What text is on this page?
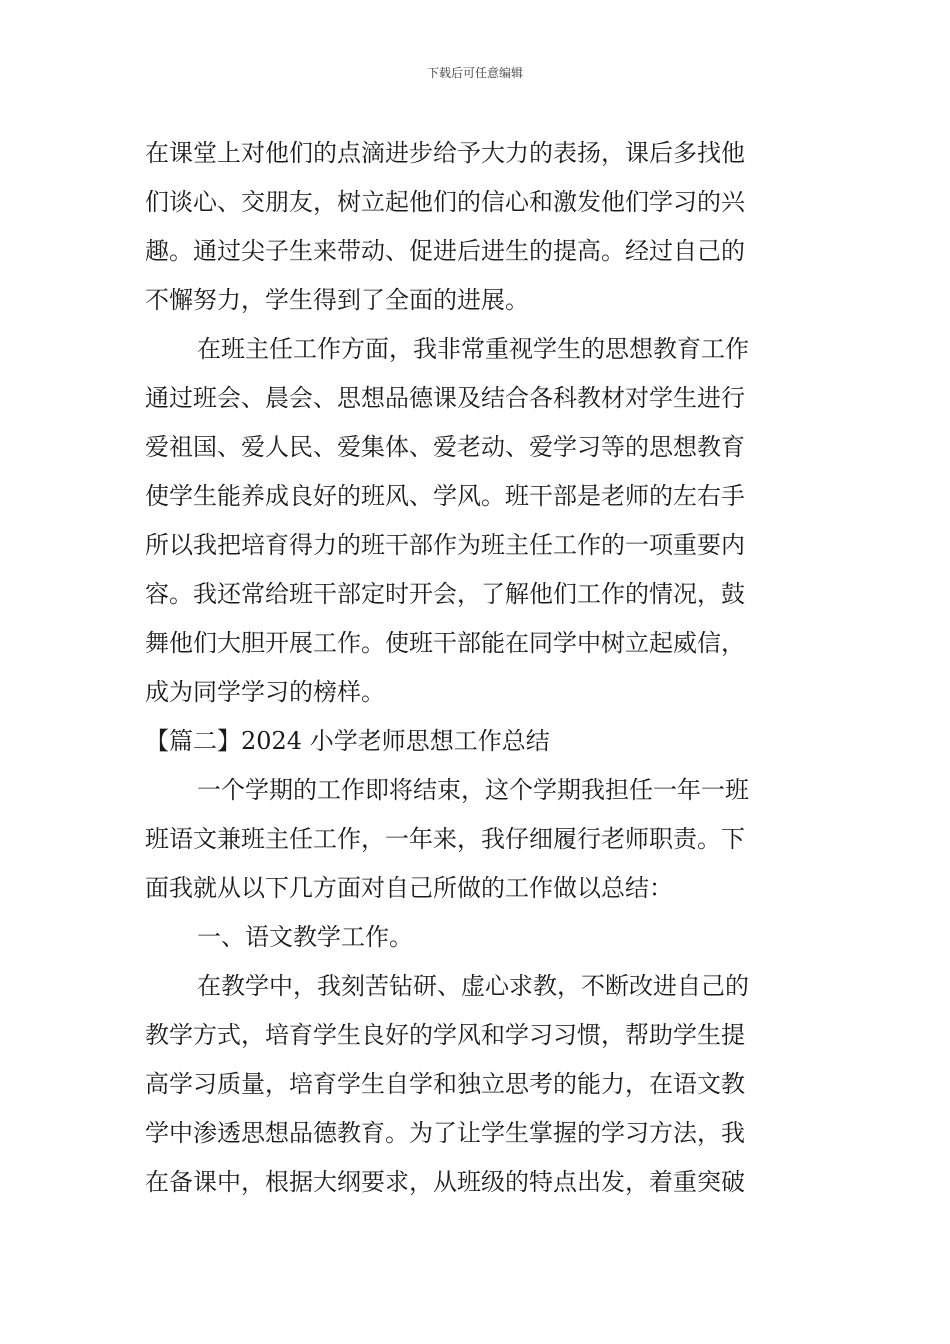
下载后可任意编辑
在课堂上对他们的点滴进步给予大力的表扬，课后多找他
们谈心、交朋友，树立起他们的信心和激发他们学习的兴
趣。通过尖子生来带动、促进后进生的提高。经过自己的
不懈努力，学生得到了全面的进展。
在班主任工作方面，我非常重视学生的思想教育工作
通过班会、晨会、思想品德课及结合各科教材对学生进行
爱祖国、爱人民、爱集体、爱老动、爱学习等的思想教育
使学生能养成良好的班风、学风。班干部是老师的左右手
所以我把培育得力的班干部作为班主任工作的一项重要内
容。我还常给班干部定时开会，了解他们工作的情况，鼓
舞他们大胆开展工作。使班干部能在同学中树立起威信，
成为同学学习的榜样。
【篇二】2024 小学老师思想工作总结
一个学期的工作即将结束，这个学期我担任一年一班
班语文兼班主任工作，一年来，我仔细履行老师职责。下
面我就从以下几方面对自己所做的工作做以总结：
一、语文教学工作。
在教学中，我刻苦钻研、虚心求教，不断改进自己的
教学方式，培育学生良好的学风和学习习惯，帮助学生提
高学习质量，培育学生自学和独立思考的能力，在语文教
学中渗透思想品德教育。为了让学生掌握的学习方法，我
在备课中，根据大纲要求，从班级的特点出发，着重突破
